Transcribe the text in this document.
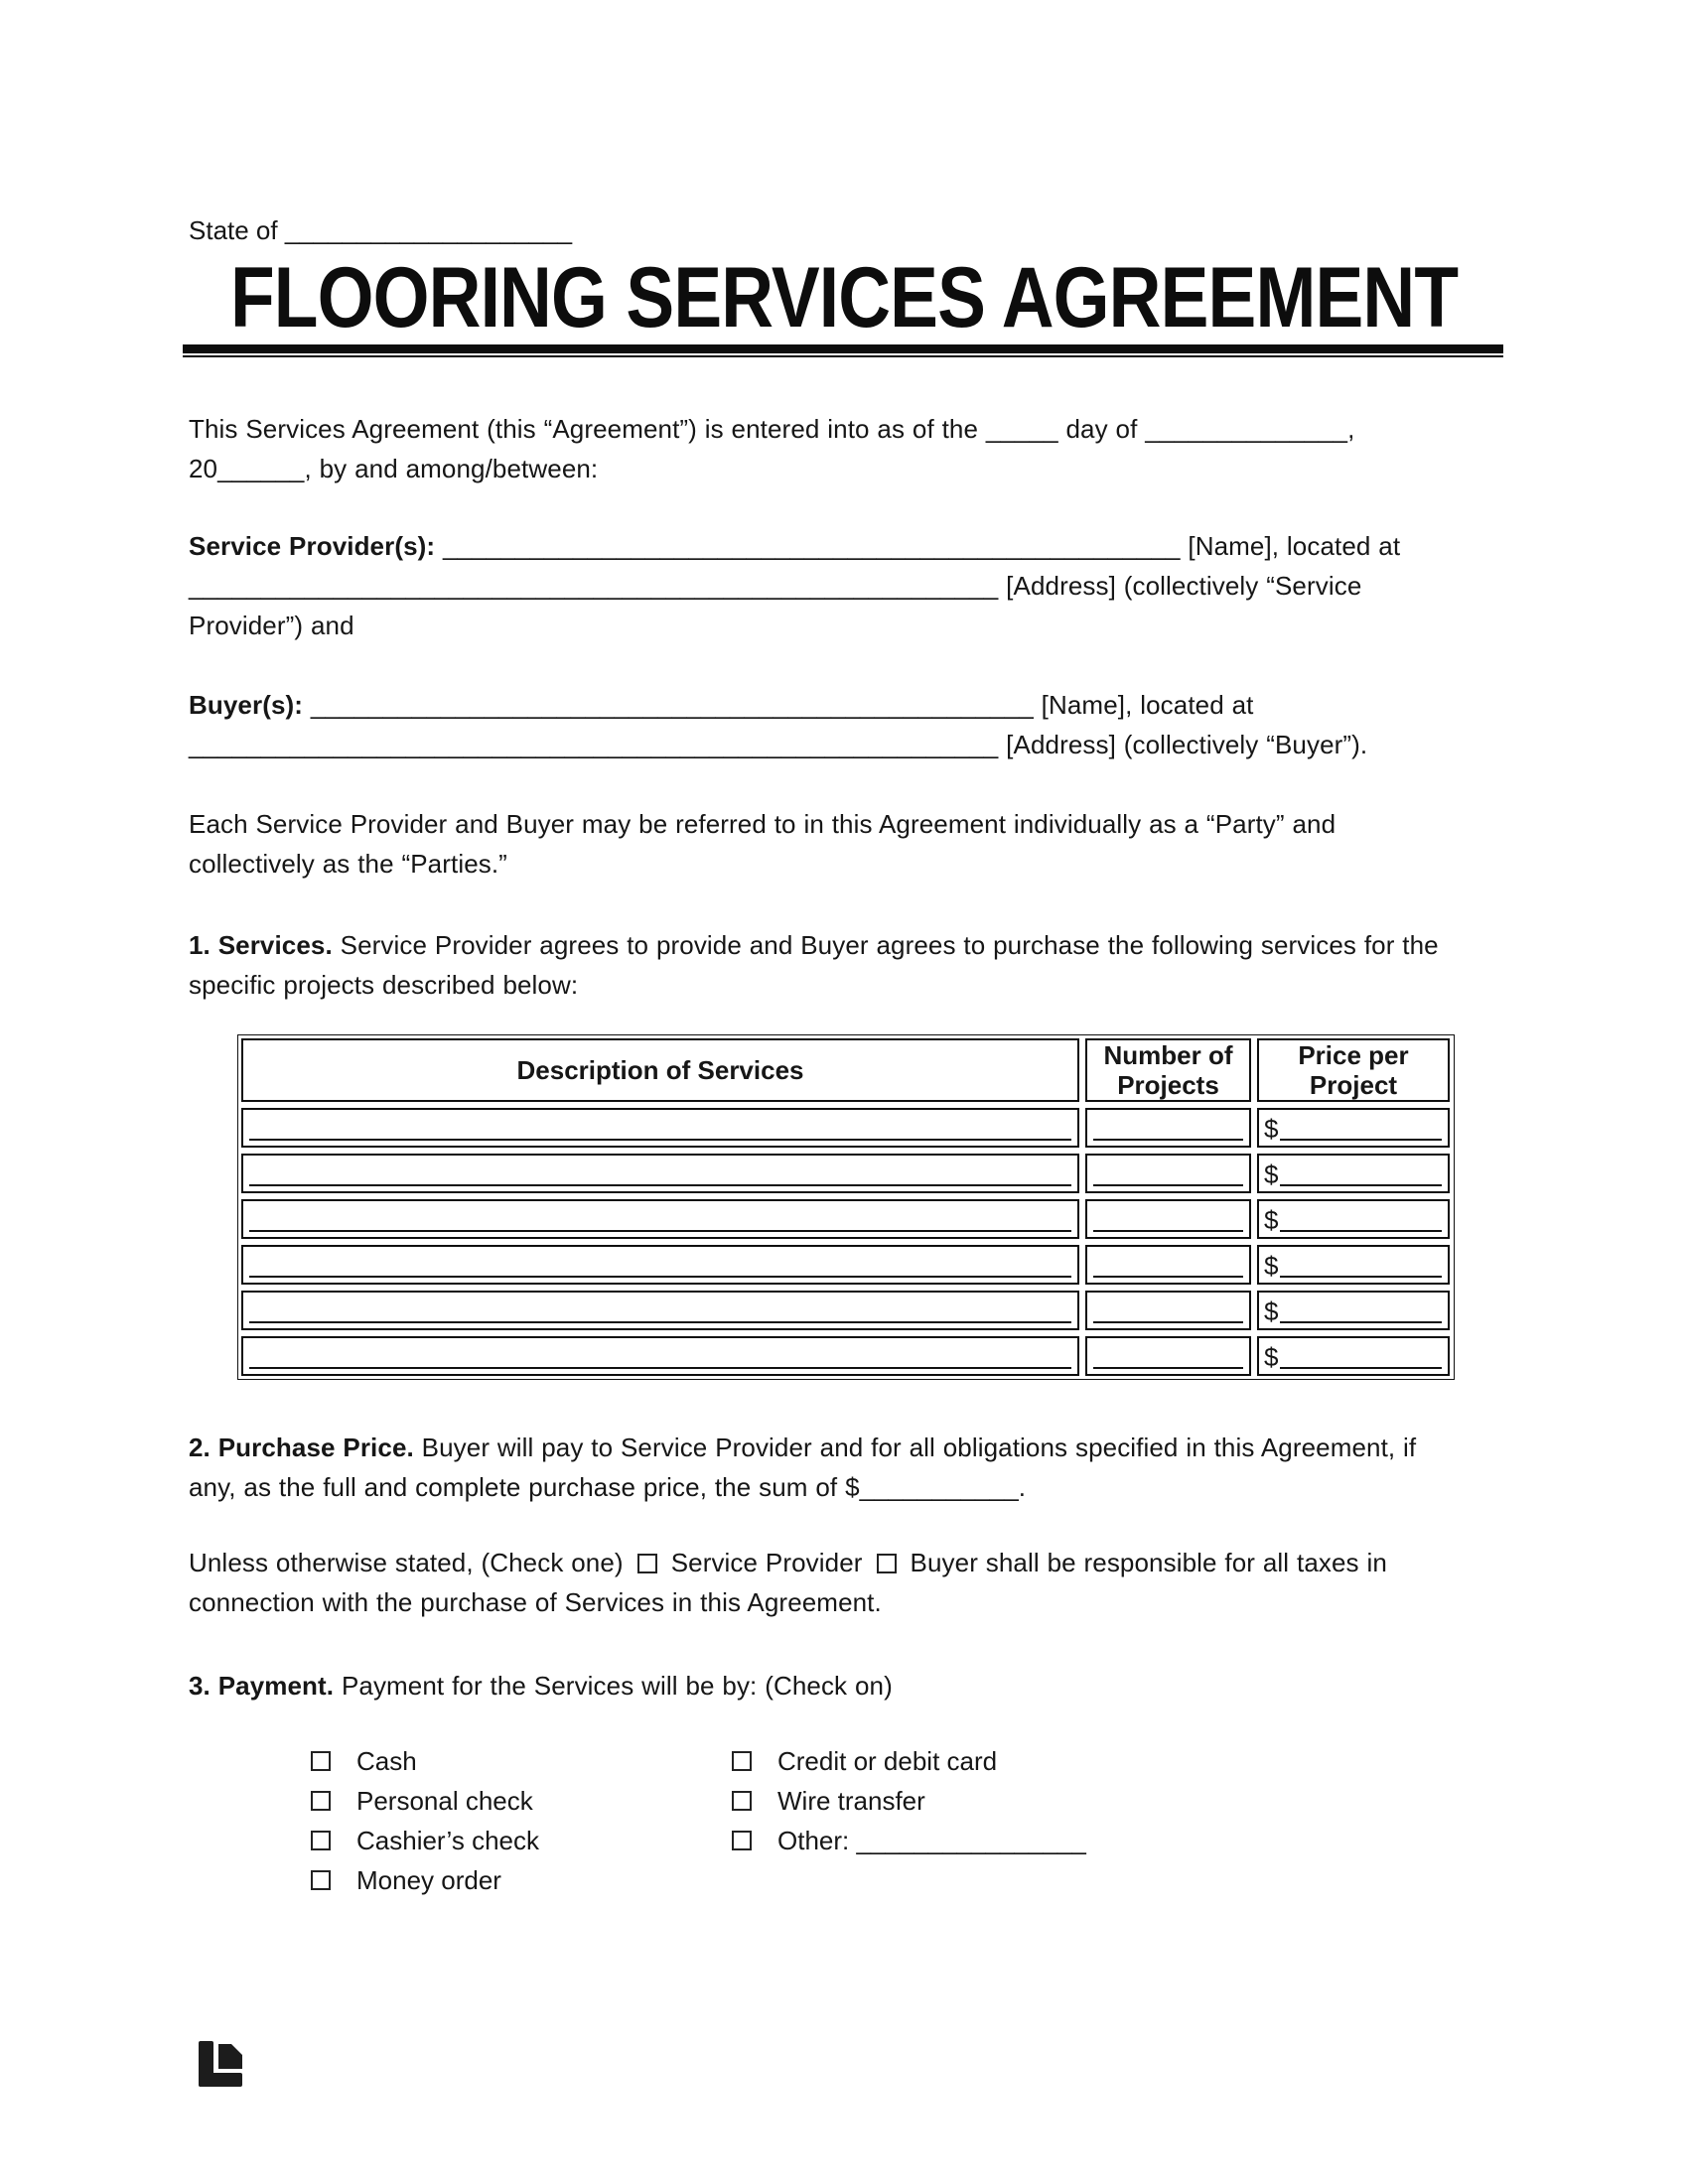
State of ____________________
FLOORING SERVICES AGREEMENT

This Services Agreement (this “Agreement”) is entered into as of the _____ day of ______________, 20______, by and among/between:

Service Provider(s): ___________________________________________________ [Name], located at ________________________________________________________ [Address] (collectively “Service Provider”) and

Buyer(s): __________________________________________________ [Name], located at ________________________________________________________ [Address] (collectively “Buyer”).

Each Service Provider and Buyer may be referred to in this Agreement individually as a “Party” and collectively as the “Parties.”

1. Services. Service Provider agrees to provide and Buyer agrees to purchase the following services for the specific projects described below:

Description of Services	Number of Projects
Price per Project
$
$
$
$
$
$

2. Purchase Price. Buyer will pay to Service Provider and for all obligations specified in this Agreement, if any, as the full and complete purchase price, the sum of $___________.

Unless otherwise stated, (Check one) Service Provider Buyer shall be responsible for all taxes in connection with the purchase of Services in this Agreement.

3. Payment. Payment for the Services will be by: (Check on)

Cash
Personal check
Cashier’s check
Money order
Credit or debit card
Wire transfer
Other: ________________
